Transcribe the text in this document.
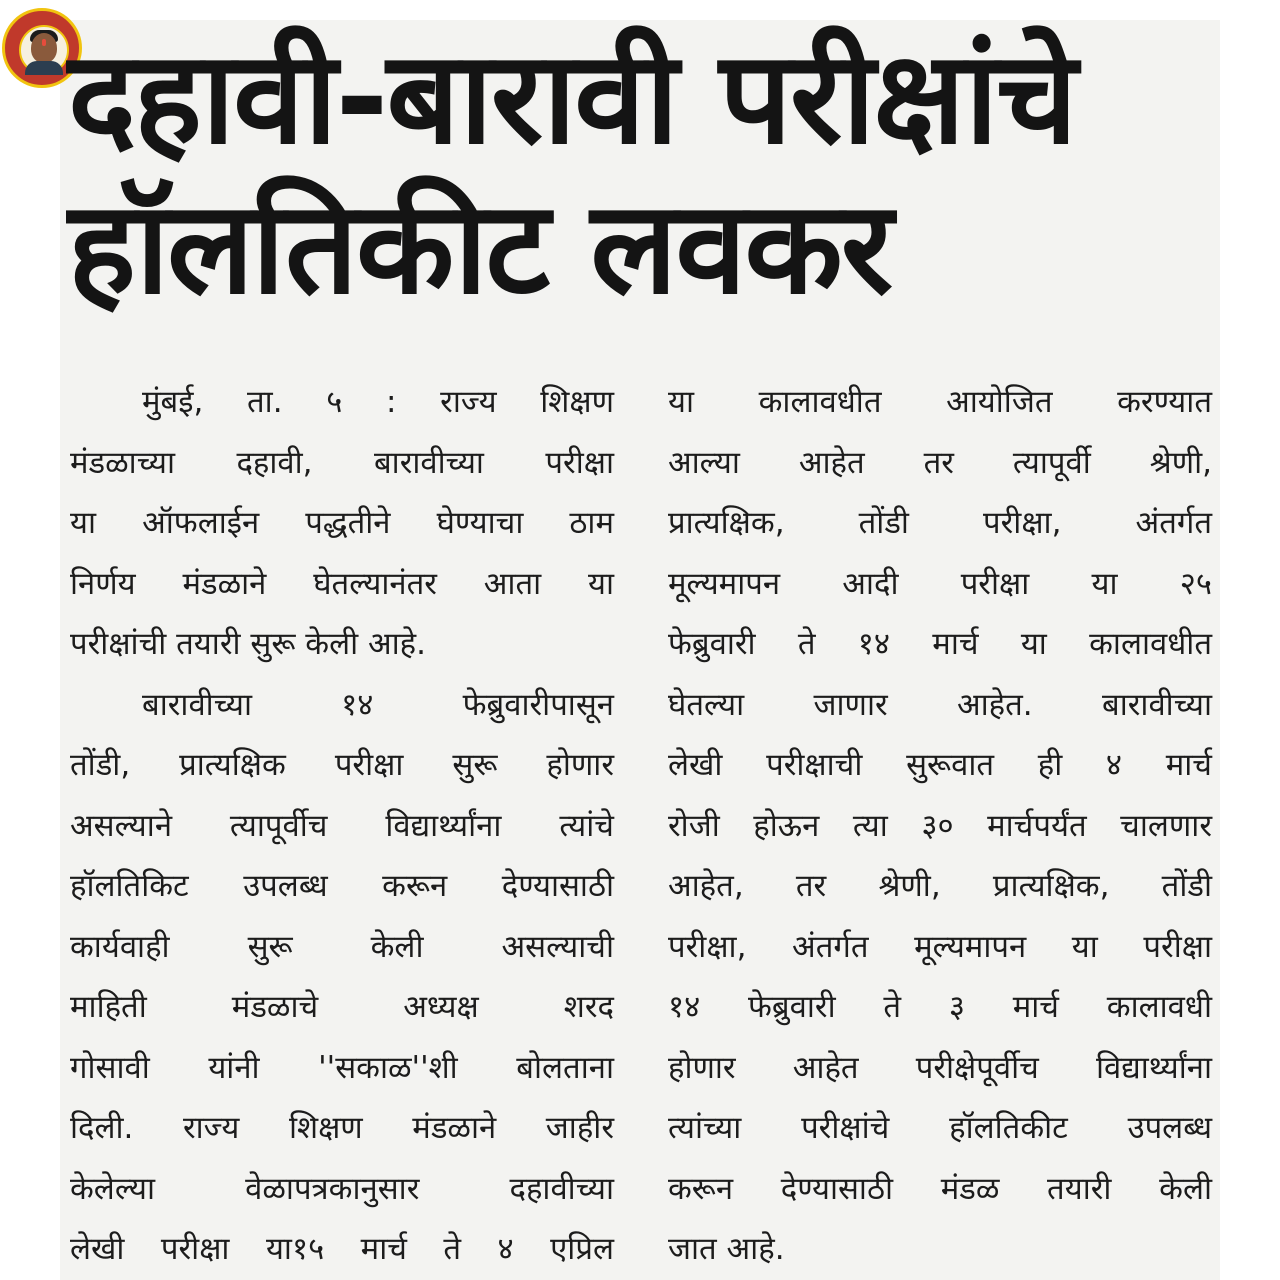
दहावी-बारावी परीक्षांचे
हॉलतिकीट लवकर
मुंबई, ता. ५ : राज्य शिक्षण
मंडळाच्या दहावी, बारावीच्या परीक्षा
या ऑफलाईन पद्धतीने घेण्याचा ठाम
निर्णय मंडळाने घेतल्यानंतर आता या
परीक्षांची तयारी सुरू केली आहे.
बारावीच्या १४ फेब्रुवारीपासून
तोंडी, प्रात्यक्षिक परीक्षा सुरू होणार
असल्याने त्यापूर्वीच विद्यार्थ्यांना त्यांचे
हॉलतिकिट उपलब्ध करून देण्यासाठी
कार्यवाही सुरू केली असल्याची
माहिती मंडळाचे अध्यक्ष शरद
गोसावी यांनी ''सकाळ''शी बोलताना
दिली. राज्य शिक्षण मंडळाने जाहीर
केलेल्या वेळापत्रकानुसार दहावीच्या
लेखी परीक्षा या१५ मार्च ते ४ एप्रिल
या कालावधीत आयोजित करण्यात
आल्या आहेत तर त्यापूर्वी श्रेणी,
प्रात्यक्षिक, तोंडी परीक्षा, अंतर्गत
मूल्यमापन आदी परीक्षा या २५
फेब्रुवारी ते १४ मार्च या कालावधीत
घेतल्या जाणार आहेत. बारावीच्या
लेखी परीक्षाची सुरूवात ही ४ मार्च
रोजी होऊन त्या ३० मार्चपर्यंत चालणार
आहेत, तर श्रेणी, प्रात्यक्षिक, तोंडी
परीक्षा, अंतर्गत मूल्यमापन या परीक्षा
१४ फेब्रुवारी ते ३ मार्च कालावधी
होणार आहेत परीक्षेपूर्वीच विद्यार्थ्यांना
त्यांच्या परीक्षांचे हॉलतिकीट उपलब्ध
करून देण्यासाठी मंडळ तयारी केली
जात आहे.
